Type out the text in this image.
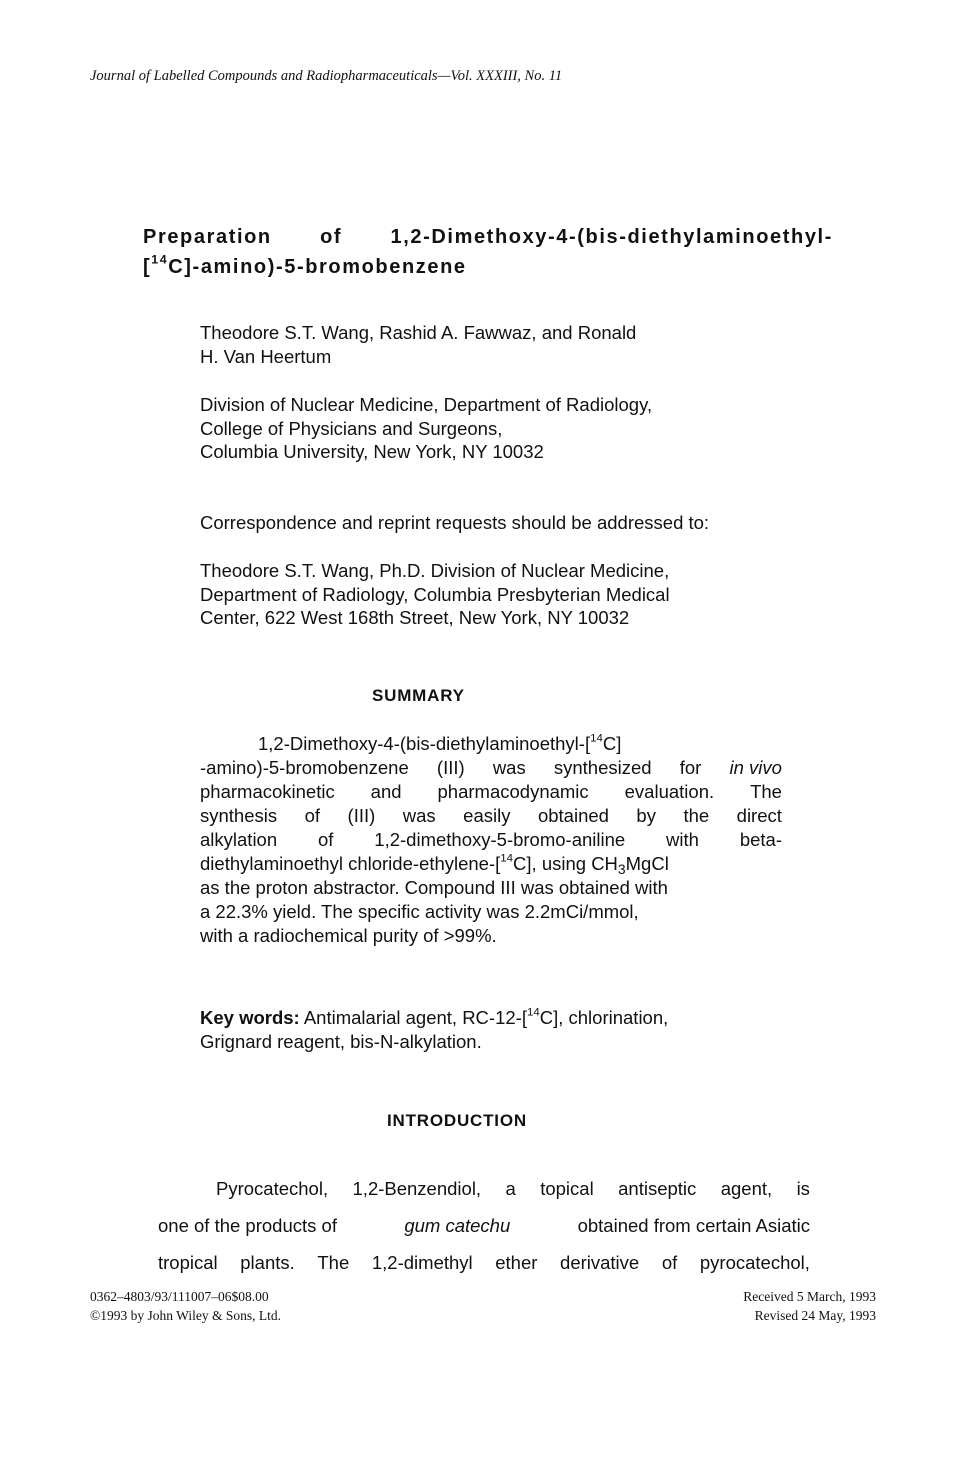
Journal of Labelled Compounds and Radiopharmaceuticals—Vol. XXXIII, No. 11
Preparation of 1,2-Dimethoxy-4-(bis-diethylaminoethyl-
[$^{14}$C]-amino)-5-bromobenzene
Theodore S.T. Wang, Rashid A. Fawwaz, and Ronald
H. Van Heertum
Division of Nuclear Medicine, Department of Radiology,
College of Physicians and Surgeons,
Columbia University, New York, NY 10032
Correspondence and reprint requests should be addressed to:
Theodore S.T. Wang, Ph.D. Division of Nuclear Medicine,
Department of Radiology, Columbia Presbyterian Medical
Center, 622 West 168th Street, New York, NY 10032
SUMMARY
1,2-Dimethoxy-4-(bis-diethylaminoethyl-[$^{14}$C]
-amino)-5-bromobenzene (III) was synthesized for in vivo
pharmacokinetic and pharmacodynamic evaluation. The
synthesis of (III) was easily obtained by the direct
alkylation of 1,2-dimethoxy-5-bromo-aniline with beta-
diethylaminoethyl chloride-ethylene-[$^{14}$C], using $CH_3MgCl$
as the proton abstractor. Compound III was obtained with
a 22.3% yield. The specific activity was 2.2mCi/mmol,
with a radiochemical purity of >99%.
Key words: Antimalarial agent, RC-12-[$^{14}$C], chlorination,
Grignard reagent, bis-N-alkylation.
INTRODUCTION
Pyrocatechol, 1,2-Benzendiol, a topical antiseptic agent, is
one of the products of	gum catechu	obtained from certain Asiatic
tropical plants. The 1,2-dimethyl ether derivative of pyrocatechol,
0362–4803/93/111007–06$08.00
©1993 by John Wiley & Sons, Ltd.
Received 5 March, 1993
Revised 24 May, 1993
